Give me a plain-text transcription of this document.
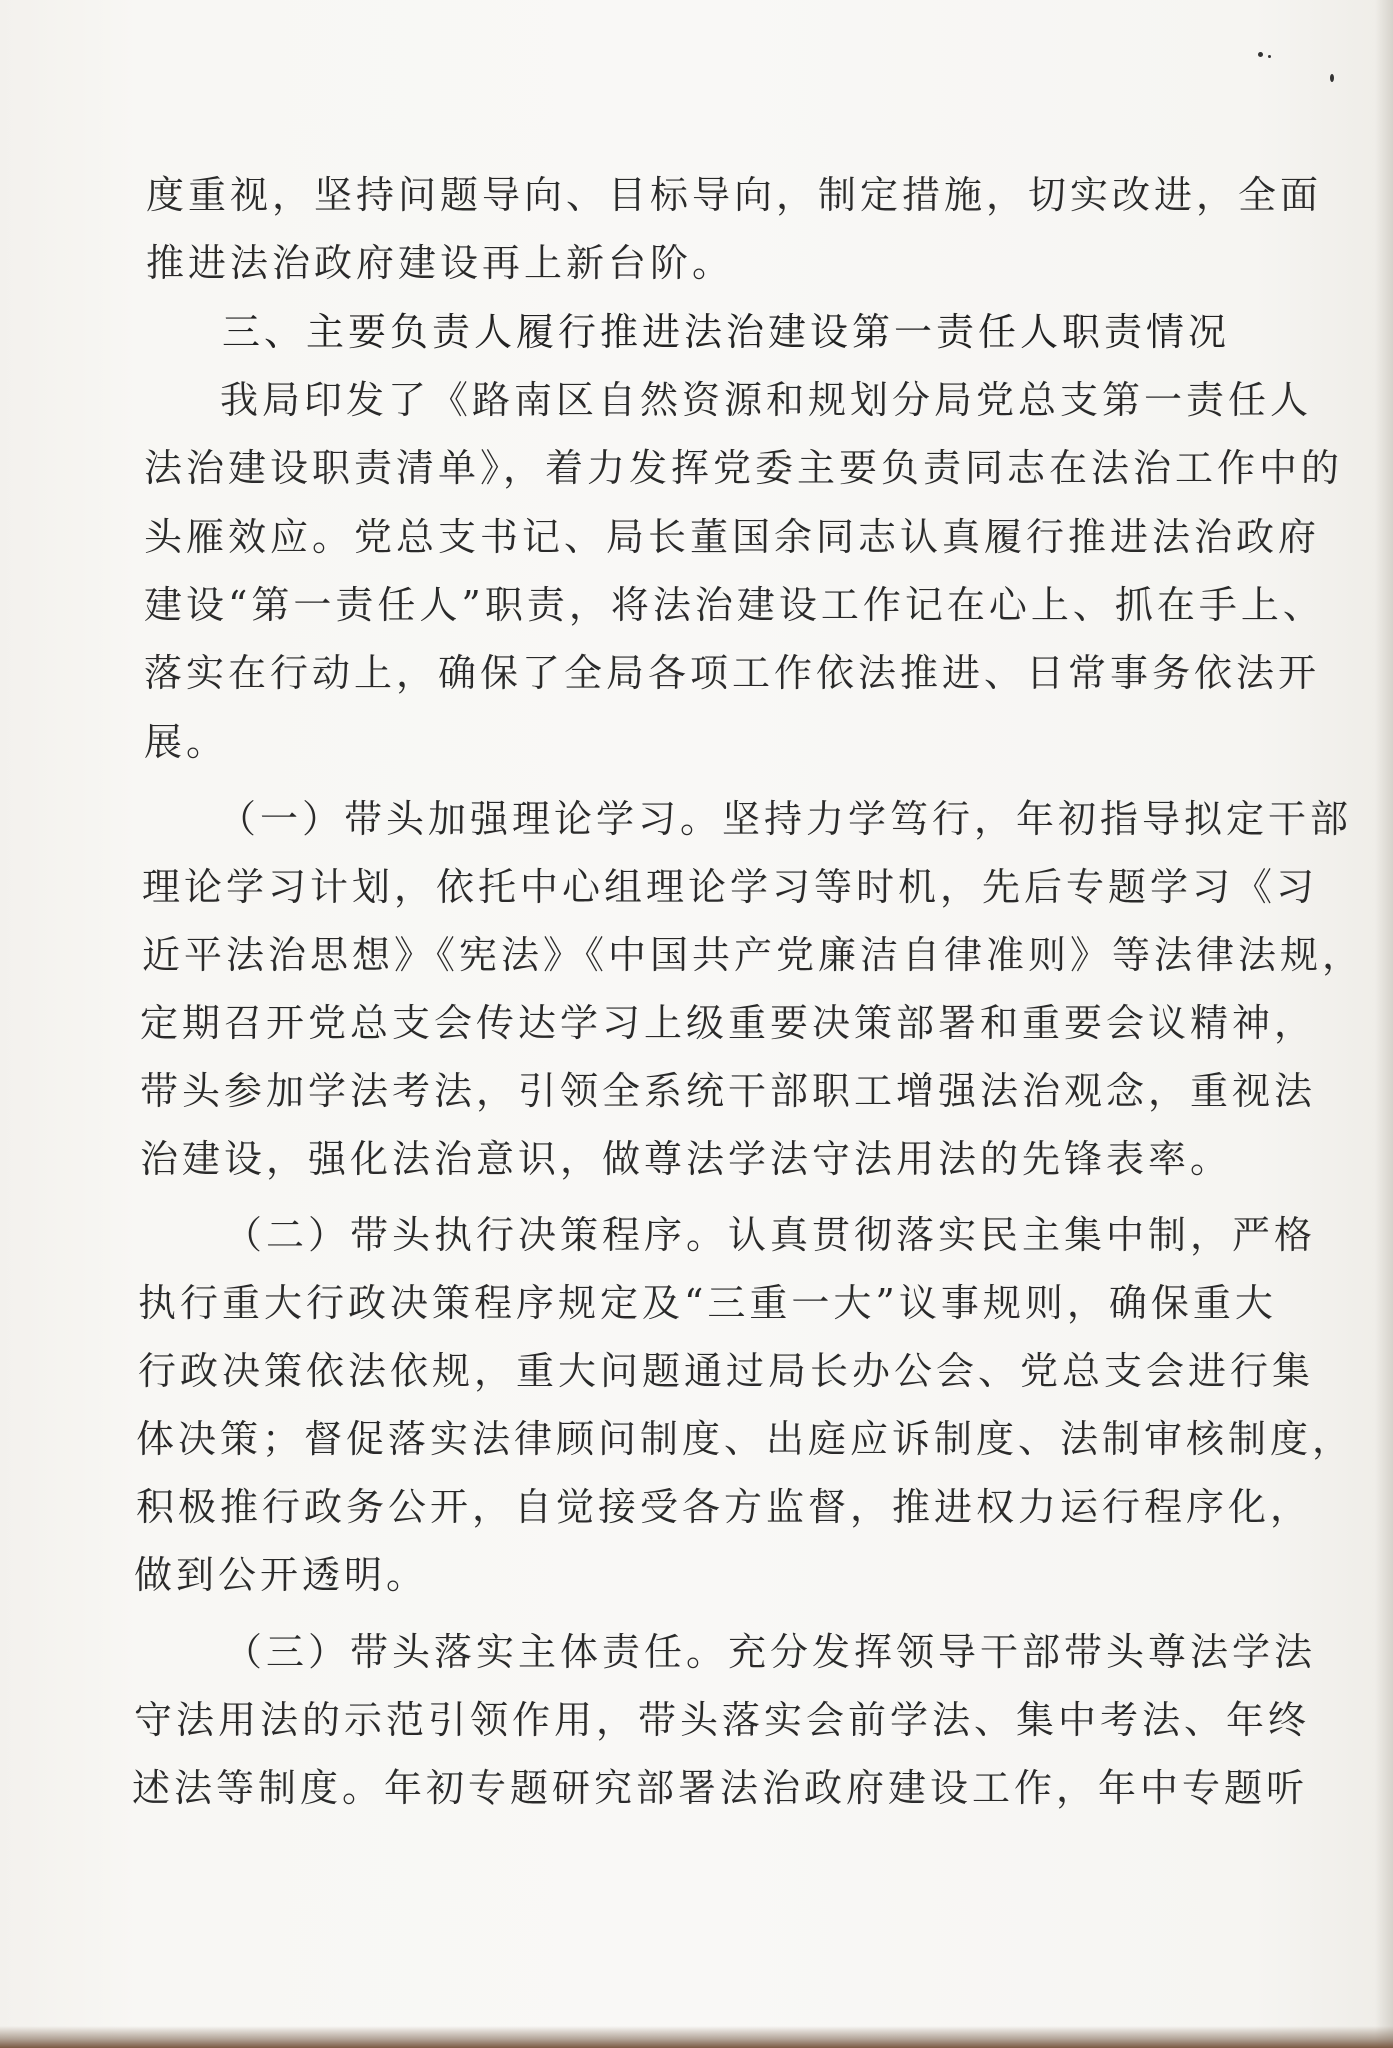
度重视，坚持问题导向、目标导向，制定措施，切实改进，全面
推进法治政府建设再上新台阶。
三、主要负责人履行推进法治建设第一责任人职责情况
我局印发了《路南区自然资源和规划分局党总支第一责任人
法治建设职责清单》，着力发挥党委主要负责同志在法治工作中的
头雁效应。党总支书记、局长董国余同志认真履行推进法治政府
建设“第一责任人”职责，将法治建设工作记在心上、抓在手上、
落实在行动上，确保了全局各项工作依法推进、日常事务依法开
展。
（一）带头加强理论学习。坚持力学笃行，年初指导拟定干部
理论学习计划，依托中心组理论学习等时机，先后专题学习《习
近平法治思想》《宪法》《中国共产党廉洁自律准则》等法律法规，
定期召开党总支会传达学习上级重要决策部署和重要会议精神，
带头参加学法考法，引领全系统干部职工增强法治观念，重视法
治建设，强化法治意识，做尊法学法守法用法的先锋表率。
（二）带头执行决策程序。认真贯彻落实民主集中制，严格
执行重大行政决策程序规定及“三重一大”议事规则，确保重大
行政决策依法依规，重大问题通过局长办公会、党总支会进行集
体决策；督促落实法律顾问制度、出庭应诉制度、法制审核制度，
积极推行政务公开，自觉接受各方监督，推进权力运行程序化，
做到公开透明。
（三）带头落实主体责任。充分发挥领导干部带头尊法学法
守法用法的示范引领作用，带头落实会前学法、集中考法、年终
述法等制度。年初专题研究部署法治政府建设工作，年中专题听
